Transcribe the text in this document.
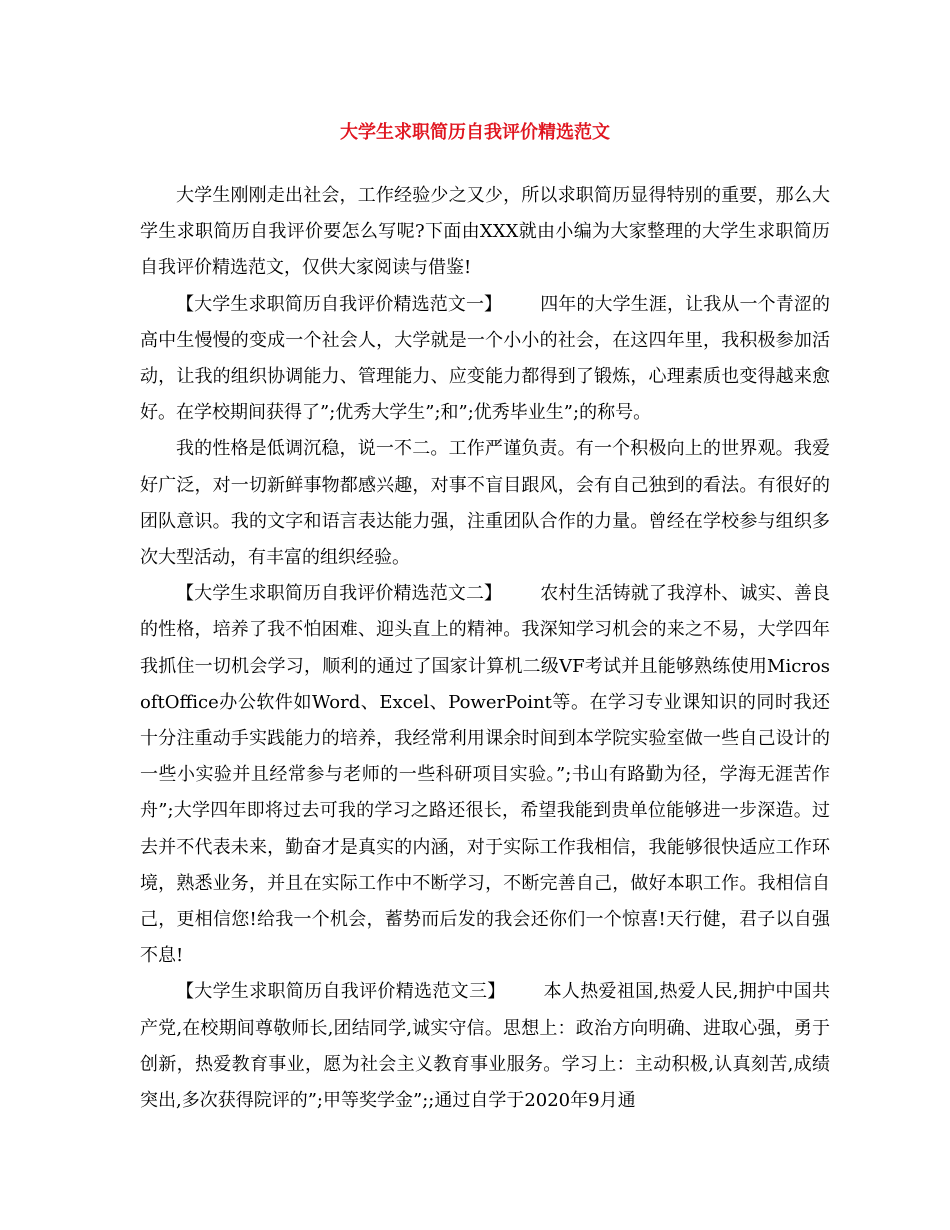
大学生求职简历自我评价精选范文

大学生刚刚走出社会，工作经验少之又少，所以求职简历显得特别的重要，那么大学生求职简历自我评价要怎么写呢?下面由XXX就由小编为大家整理的大学生求职简历自我评价精选范文，仅供大家阅读与借鉴!

【大学生求职简历自我评价精选范文一】 四年的大学生涯，让我从一个青涩的高中生慢慢的变成一个社会人，大学就是一个小小的社会，在这四年里，我积极参加活动，让我的组织协调能力、管理能力、应变能力都得到了锻炼，心理素质也变得越来愈好。在学校期间获得了”;优秀大学生”;和”;优秀毕业生”;的称号。

我的性格是低调沉稳，说一不二。工作严谨负责。有一个积极向上的世界观。我爱好广泛，对一切新鲜事物都感兴趣，对事不盲目跟风，会有自己独到的看法。有很好的团队意识。我的文字和语言表达能力强，注重团队合作的力量。曾经在学校参与组织多次大型活动，有丰富的组织经验。

【大学生求职简历自我评价精选范文二】 农村生活铸就了我淳朴、诚实、善良的性格，培养了我不怕困难、迎头直上的精神。我深知学习机会的来之不易，大学四年我抓住一切机会学习，顺利的通过了国家计算机二级VF考试并且能够熟练使用MicrosoftOffice办公软件如Word、Excel、PowerPoint等。在学习专业课知识的同时我还十分注重动手实践能力的培养，我经常利用课余时间到本学院实验室做一些自己设计的一些小实验并且经常参与老师的一些科研项目实验。”;书山有路勤为径，学海无涯苦作舟”;大学四年即将过去可我的学习之路还很长，希望我能到贵单位能够进一步深造。过去并不代表未来，勤奋才是真实的内涵，对于实际工作我相信，我能够很快适应工作环境，熟悉业务，并且在实际工作中不断学习，不断完善自己，做好本职工作。我相信自己，更相信您!给我一个机会，蓄势而后发的我会还你们一个惊喜!天行健，君子以自强不息!

【大学生求职简历自我评价精选范文三】 本人热爱祖国,热爱人民,拥护中国共产党,在校期间尊敬师长,团结同学,诚实守信。思想上：政治方向明确、进取心强，勇于创新，热爱教育事业，愿为社会主义教育事业服务。学习上：主动积极,认真刻苦,成绩突出,多次获得院评的”;甲等奖学金”;;通过自学于2020年9月通
